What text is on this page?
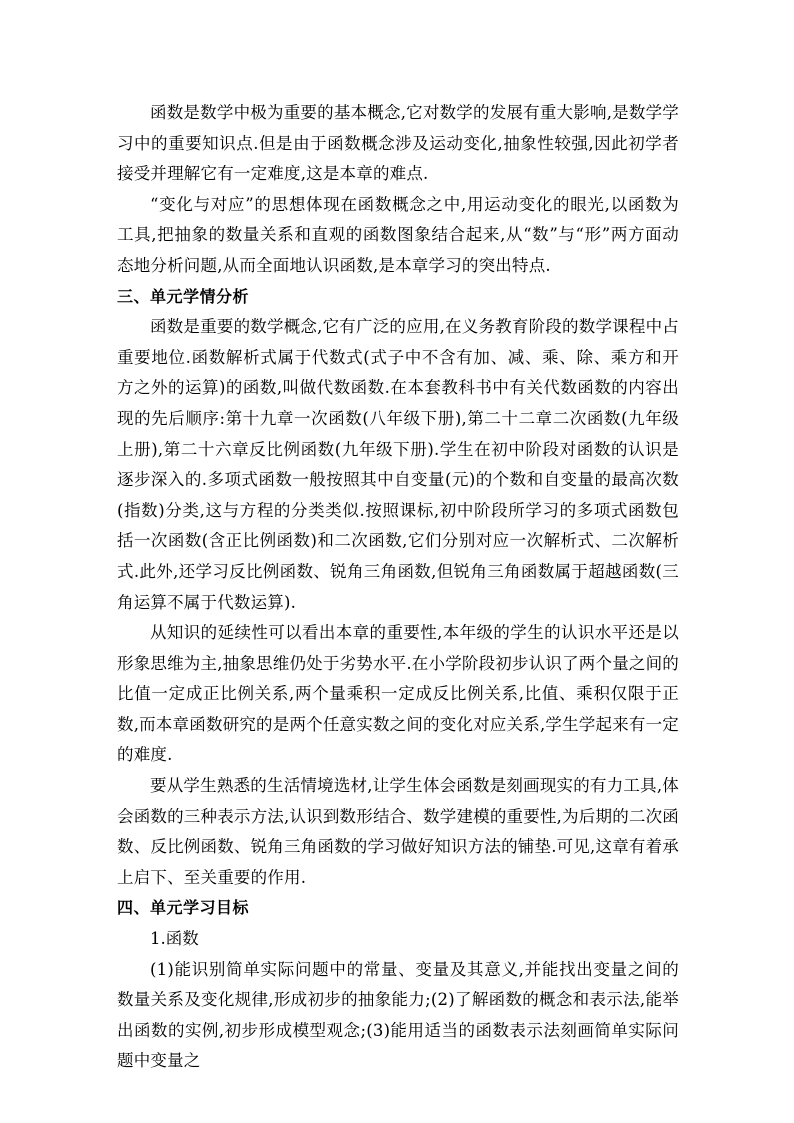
函数是数学中极为重要的基本概念,它对数学的发展有重大影响,是数学学习中的重要知识点.但是由于函数概念涉及运动变化,抽象性较强,因此初学者接受并理解它有一定难度,这是本章的难点.

“变化与对应”的思想体现在函数概念之中,用运动变化的眼光,以函数为工具,把抽象的数量关系和直观的函数图象结合起来,从“数”与“形”两方面动态地分析问题,从而全面地认识函数,是本章学习的突出特点.

三、单元学情分析

函数是重要的数学概念,它有广泛的应用,在义务教育阶段的数学课程中占重要地位.函数解析式属于代数式(式子中不含有加、减、乘、除、乘方和开方之外的运算)的函数,叫做代数函数.在本套教科书中有关代数函数的内容出现的先后顺序:第十九章一次函数(八年级下册),第二十二章二次函数(九年级上册),第二十六章反比例函数(九年级下册).学生在初中阶段对函数的认识是逐步深入的.多项式函数一般按照其中自变量(元)的个数和自变量的最高次数(指数)分类,这与方程的分类类似.按照课标,初中阶段所学习的多项式函数包括一次函数(含正比例函数)和二次函数,它们分别对应一次解析式、二次解析式.此外,还学习反比例函数、锐角三角函数,但锐角三角函数属于超越函数(三角运算不属于代数运算).

从知识的延续性可以看出本章的重要性,本年级的学生的认识水平还是以形象思维为主,抽象思维仍处于劣势水平.在小学阶段初步认识了两个量之间的比值一定成正比例关系,两个量乘积一定成反比例关系,比值、乘积仅限于正数,而本章函数研究的是两个任意实数之间的变化对应关系,学生学起来有一定的难度.

要从学生熟悉的生活情境选材,让学生体会函数是刻画现实的有力工具,体会函数的三种表示方法,认识到数形结合、数学建模的重要性,为后期的二次函数、反比例函数、锐角三角函数的学习做好知识方法的铺垫.可见,这章有着承上启下、至关重要的作用.

四、单元学习目标

1.函数

(1)能识别简单实际问题中的常量、变量及其意义,并能找出变量之间的数量关系及变化规律,形成初步的抽象能力;(2)了解函数的概念和表示法,能举出函数的实例,初步形成模型观念;(3)能用适当的函数表示法刻画简单实际问题中变量之
